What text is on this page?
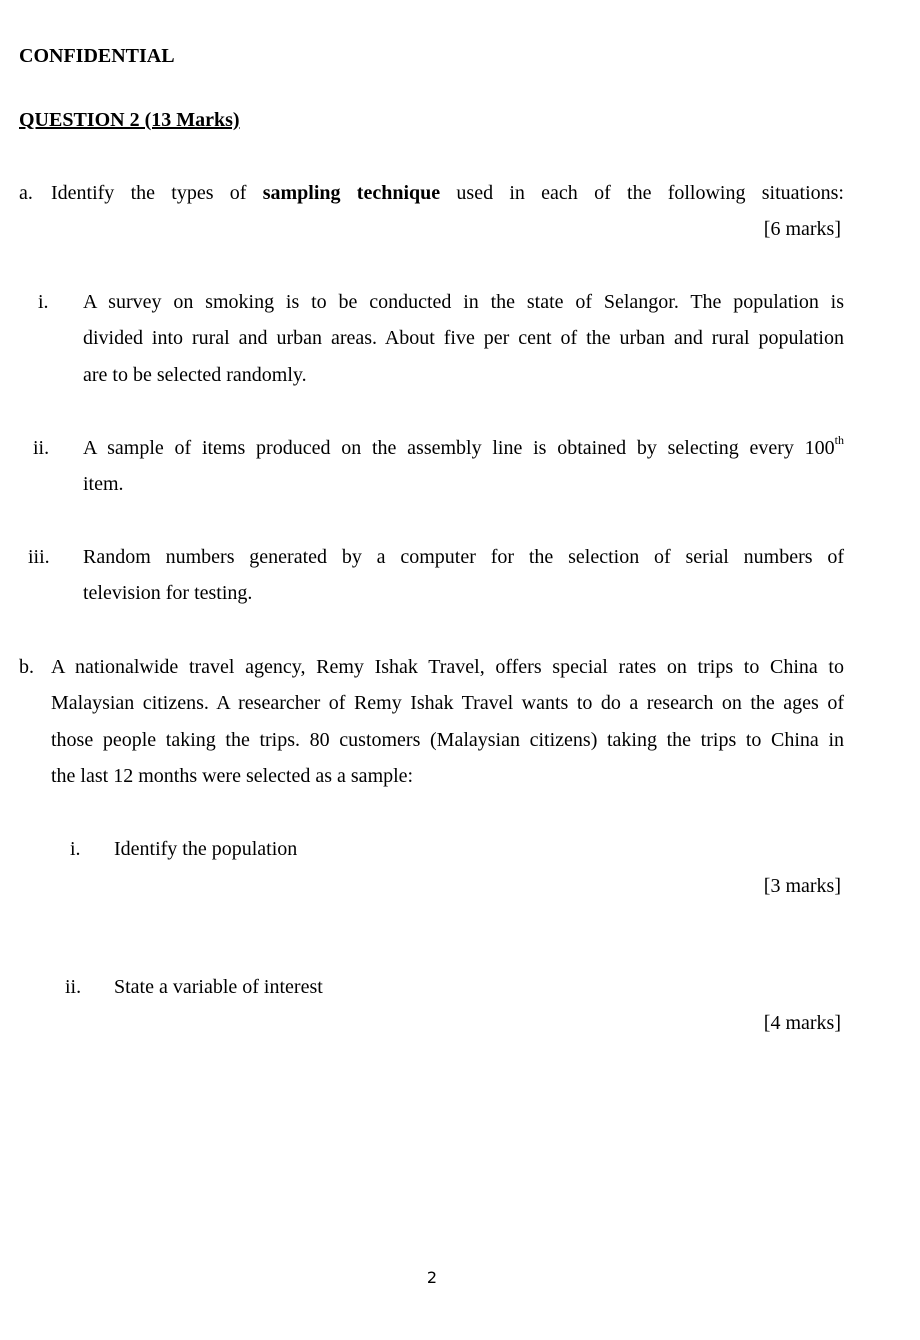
CONFIDENTIAL
QUESTION 2 (13 Marks)
a. Identify the types of sampling technique used in each of the following situations:
[6 marks]
i. A survey on smoking is to be conducted in the state of Selangor. The population is
divided into rural and urban areas. About five per cent of the urban and rural population
are to be selected randomly.
ii. A sample of items produced on the assembly line is obtained by selecting every 100th
item.
iii. Random numbers generated by a computer for the selection of serial numbers of
television for testing.
b. A nationalwide travel agency, Remy Ishak Travel, offers special rates on trips to China to
Malaysian citizens. A researcher of Remy Ishak Travel wants to do a research on the ages of
those people taking the trips. 80 customers (Malaysian citizens) taking the trips to China in
the last 12 months were selected as a sample:
i. Identify the population
[3 marks]
ii. State a variable of interest
[4 marks]
2
